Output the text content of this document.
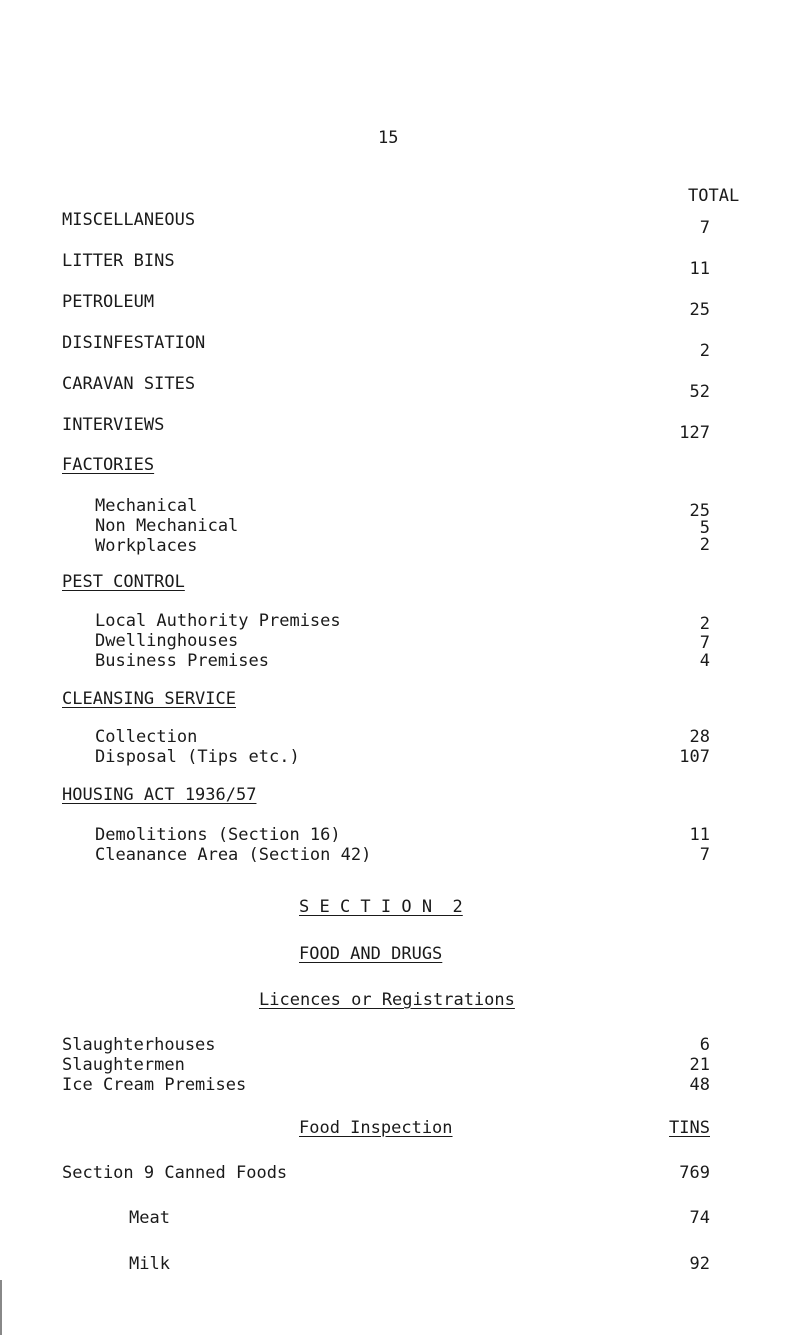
15
TOTAL
MISCELLANEOUS	7
LITTER BINS	11
PETROLEUM	25
DISINFESTATION	2
CARAVAN SITES	52
INTERVIEWS	127
FACTORIES
Mechanical	25
Non Mechanical	5
Workplaces	2
PEST CONTROL
Local Authority Premises	2
Dwellinghouses	7
Business Premises	4
CLEANSING SERVICE
Collection	28
Disposal (Tips etc.)	107
HOUSING ACT 1936/57
Demolitions (Section 16)	11
Cleanance Area (Section 42)	7
S E C T I O N  2
FOOD AND DRUGS
Licences or Registrations
Slaughterhouses	6
Slaughtermen	21
Ice Cream Premises	48
Food Inspection	TINS
Section 9 Canned Foods	769
Meat	74
Milk	92
